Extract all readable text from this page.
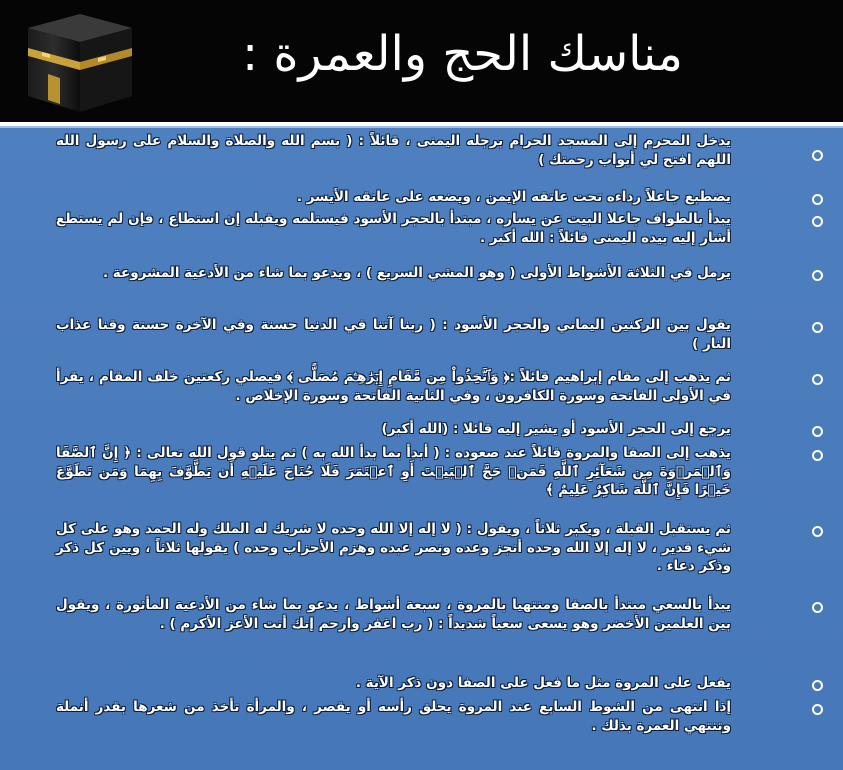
مناسك الحج والعمرة :
يدخل المحرم إلى المسجد الحرام برجله اليمنى ، قائلاً : ( بسم الله والصلاة والسلام على رسول الله اللهم افتح لي أبواب رحمتك )
يضطبع جاعلاً رداءه تحت عاتقه الإيمن ، ويضعه على عاتقه الأيسر .
يبدأ بالطواف جاعلا البيت عن يساره ، مبتدأ بالحجر الأسود فيستلمه ويقبله إن استطاع ، فإن لم يستطع أشار إليه بيده اليمنى قائلاً : الله أكبر .
يرمل في الثلاثة الأشواط الأولى ( وهو المشي السريع ) ، ويدعو بما شاء من الأدعية المشروعة .
يقول بين الركنين اليماني والحجر الأسود : ( ربنا آتنا في الدنيا حسنة وفي الآخرة حسنة وقنا عذاب النار )
ثم يذهب إلى مقام إبراهيم قائلاً :﴿ وَٱتَّخِذُواْ مِن مَّقَامِ إِبۡرَٰهِـۧمَ مُصَلًّى ﴾ فيصلي ركعتين خلف المقام ، يقرأ في الأولى الفاتحة وسورة الكافرون ، وفي الثانية الفاتحة وسورة الإخلاص .
يرجع إلى الحجر الأسود أو يشير إليه قائلا : (الله أكبر)
يذهب إلى الصفا والمروة قائلاً عند صعوده : ( أبدأ بما بدأ الله به ) ثم يتلو قول الله تعالى : ﴿ إِنَّ ٱلصَّفَا وَٱلۡمَرۡوَةَ مِن شَعَآئِرِ ٱللَّهِ فَمَنۡ حَجَّ ٱلۡبَيۡتَ أَوِ ٱعۡتَمَرَ فَلَا جُنَاحَ عَلَيۡهِ أَن يَطَّوَّفَ بِهِمَا وَمَن تَطَوَّعَ خَيۡرًا فَإِنَّ ٱللَّهَ شَاكِرٌ عَلِيمٌ ﴾
ثم يستقبل القبلة ، ويكبر ثلاثاً ، ويقول : ( لا إله إلا الله وحده لا شريك له الملك وله الحمد وهو على كل شيء قدير ، لا إله إلا الله وحده أنجز وعده ونصر عبده وهزم الأحزاب وحده ) يقولها ثلاثاً ، ويين كل ذكر وذكر دعاء .
يبدأ بالسعي مبتدأ بالصفا ومنتهيا بالمروة ، سبعة أشواط ، يدعو بما شاء من الأدعية المأثورة ، ويقول بين العلمين الأخضر وهو يسعى سعياً شديداً : ( رب اغفر وارحم إنك أنت الأعز الأكرم ) .
يفعل على المروة مثل ما فعل على الصفا دون ذكر الآية .
إذا انتهى من الشوط السابع عند المروة يحلق رأسه أو يقصر ، والمرأة تأخذ من شعرها بقدر أنملة وتنتهي العمرة بذلك .
